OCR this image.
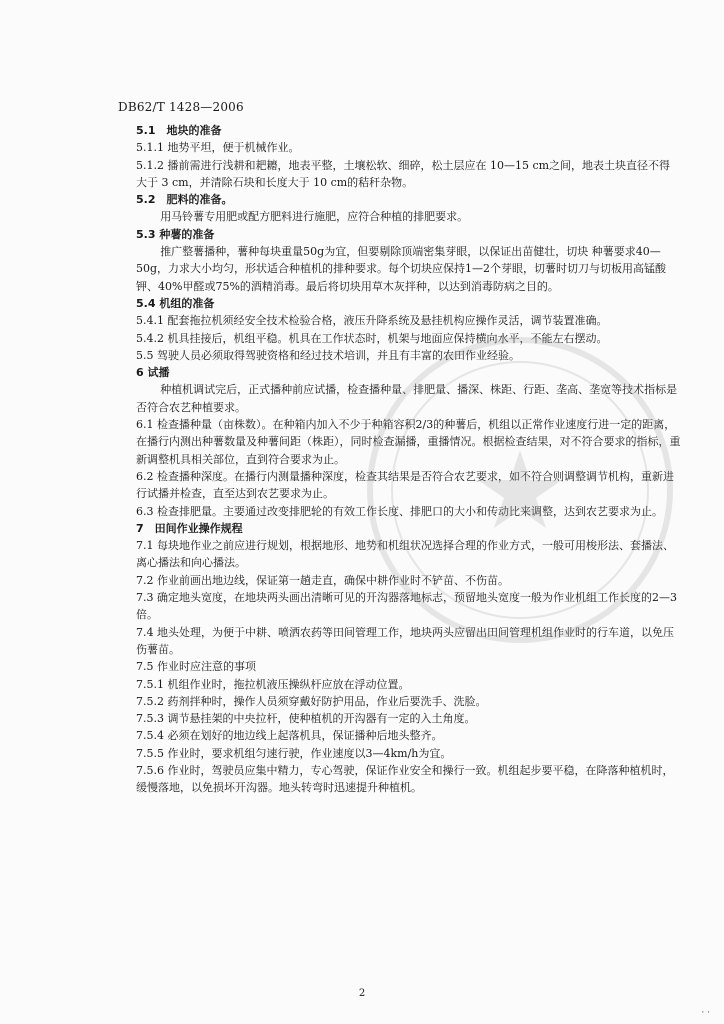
DB62/T 1428—2006

5.1　地块的准备

5.1.1 地势平坦，便于机械作业。

5.1.2 播前需进行浅耕和耙耱，地表平整，土壤松软、细碎，松土层应在 10—15 cm之间，地表土块直径不得大于 3 cm，并清除石块和长度大于 10 cm的秸秆杂物。

5.2　肥料的准备。

用马铃薯专用肥或配方肥料进行施肥，应符合种植的排肥要求。

5.3 种薯的准备

推广整薯播种，薯种每块重量50g为宜，但要剔除顶端密集芽眼，以保证出苗健壮，切块 种薯要求40—50g，力求大小均匀，形状适合种植机的排种要求。每个切块应保持1—2个芽眼，切薯时切刀与切板用高锰酸钾、40%甲醛或75%的酒精消毒。最后将切块用草木灰拌种，以达到消毒防病之目的。

5.4 机组的准备

5.4.1 配套拖拉机须经安全技术检验合格，液压升降系统及悬挂机构应操作灵活，调节装置准确。

5.4.2 机具挂接后，机组平稳。机具在工作状态时，机架与地面应保持横向水平，不能左右摆动。

5.5 驾驶人员必须取得驾驶资格和经过技术培训，并且有丰富的农田作业经验。

6 试播

种植机调试完后，正式播种前应试播，检查播种量、排肥量、播深、株距、行距、垄高、垄宽等技术指标是否符合农艺种植要求。

6.1 检查播种量（亩株数）。在种箱内加入不少于种箱容积2/3的种薯后，机组以正常作业速度行进一定的距离，在播行内测出种薯数量及种薯间距（株距），同时检查漏播，重播情况。根据检查结果，对不符合要求的指标，重新调整机具相关部位，直到符合要求为止。

6.2 检查播种深度。在播行内测量播种深度，检查其结果是否符合农艺要求，如不符合则调整调节机构，重新进行试播并检查，直至达到农艺要求为止。

6.3 检查排肥量。主要通过改变排肥轮的有效工作长度、排肥口的大小和传动比来调整，达到农艺要求为止。

7　田间作业操作规程

7.1 每块地作业之前应进行规划，根据地形、地势和机组状况选择合理的作业方式，一般可用梭形法、套播法、离心播法和向心播法。

7.2 作业前画出地边线，保证第一趟走直，确保中耕作业时不铲苗、不伤苗。

7.3 确定地头宽度，在地块两头画出清晰可见的开沟器落地标志，预留地头宽度一般为作业机组工作长度的2—3倍。

7.4 地头处理，为便于中耕、喷洒农药等田间管理工作，地块两头应留出田间管理机组作业时的行车道，以免压伤薯苗。

7.5 作业时应注意的事项

7.5.1 机组作业时，拖拉机液压操纵杆应放在浮动位置。

7.5.2 药剂拌种时，操作人员须穿戴好防护用品，作业后要洗手、洗脸。

7.5.3 调节悬挂架的中央拉杆，使种植机的开沟器有一定的入土角度。

7.5.4 必须在划好的地边线上起落机具，保证播种后地头整齐。

7.5.5 作业时，要求机组匀速行驶，作业速度以3—4km/h为宜。

7.5.6 作业时，驾驶员应集中精力，专心驾驶，保证作业安全和操行一致。机组起步要平稳，在降落种植机时，缓慢落地，以免损坏开沟器。地头转弯时迅速提升种植机。

2
· ·
